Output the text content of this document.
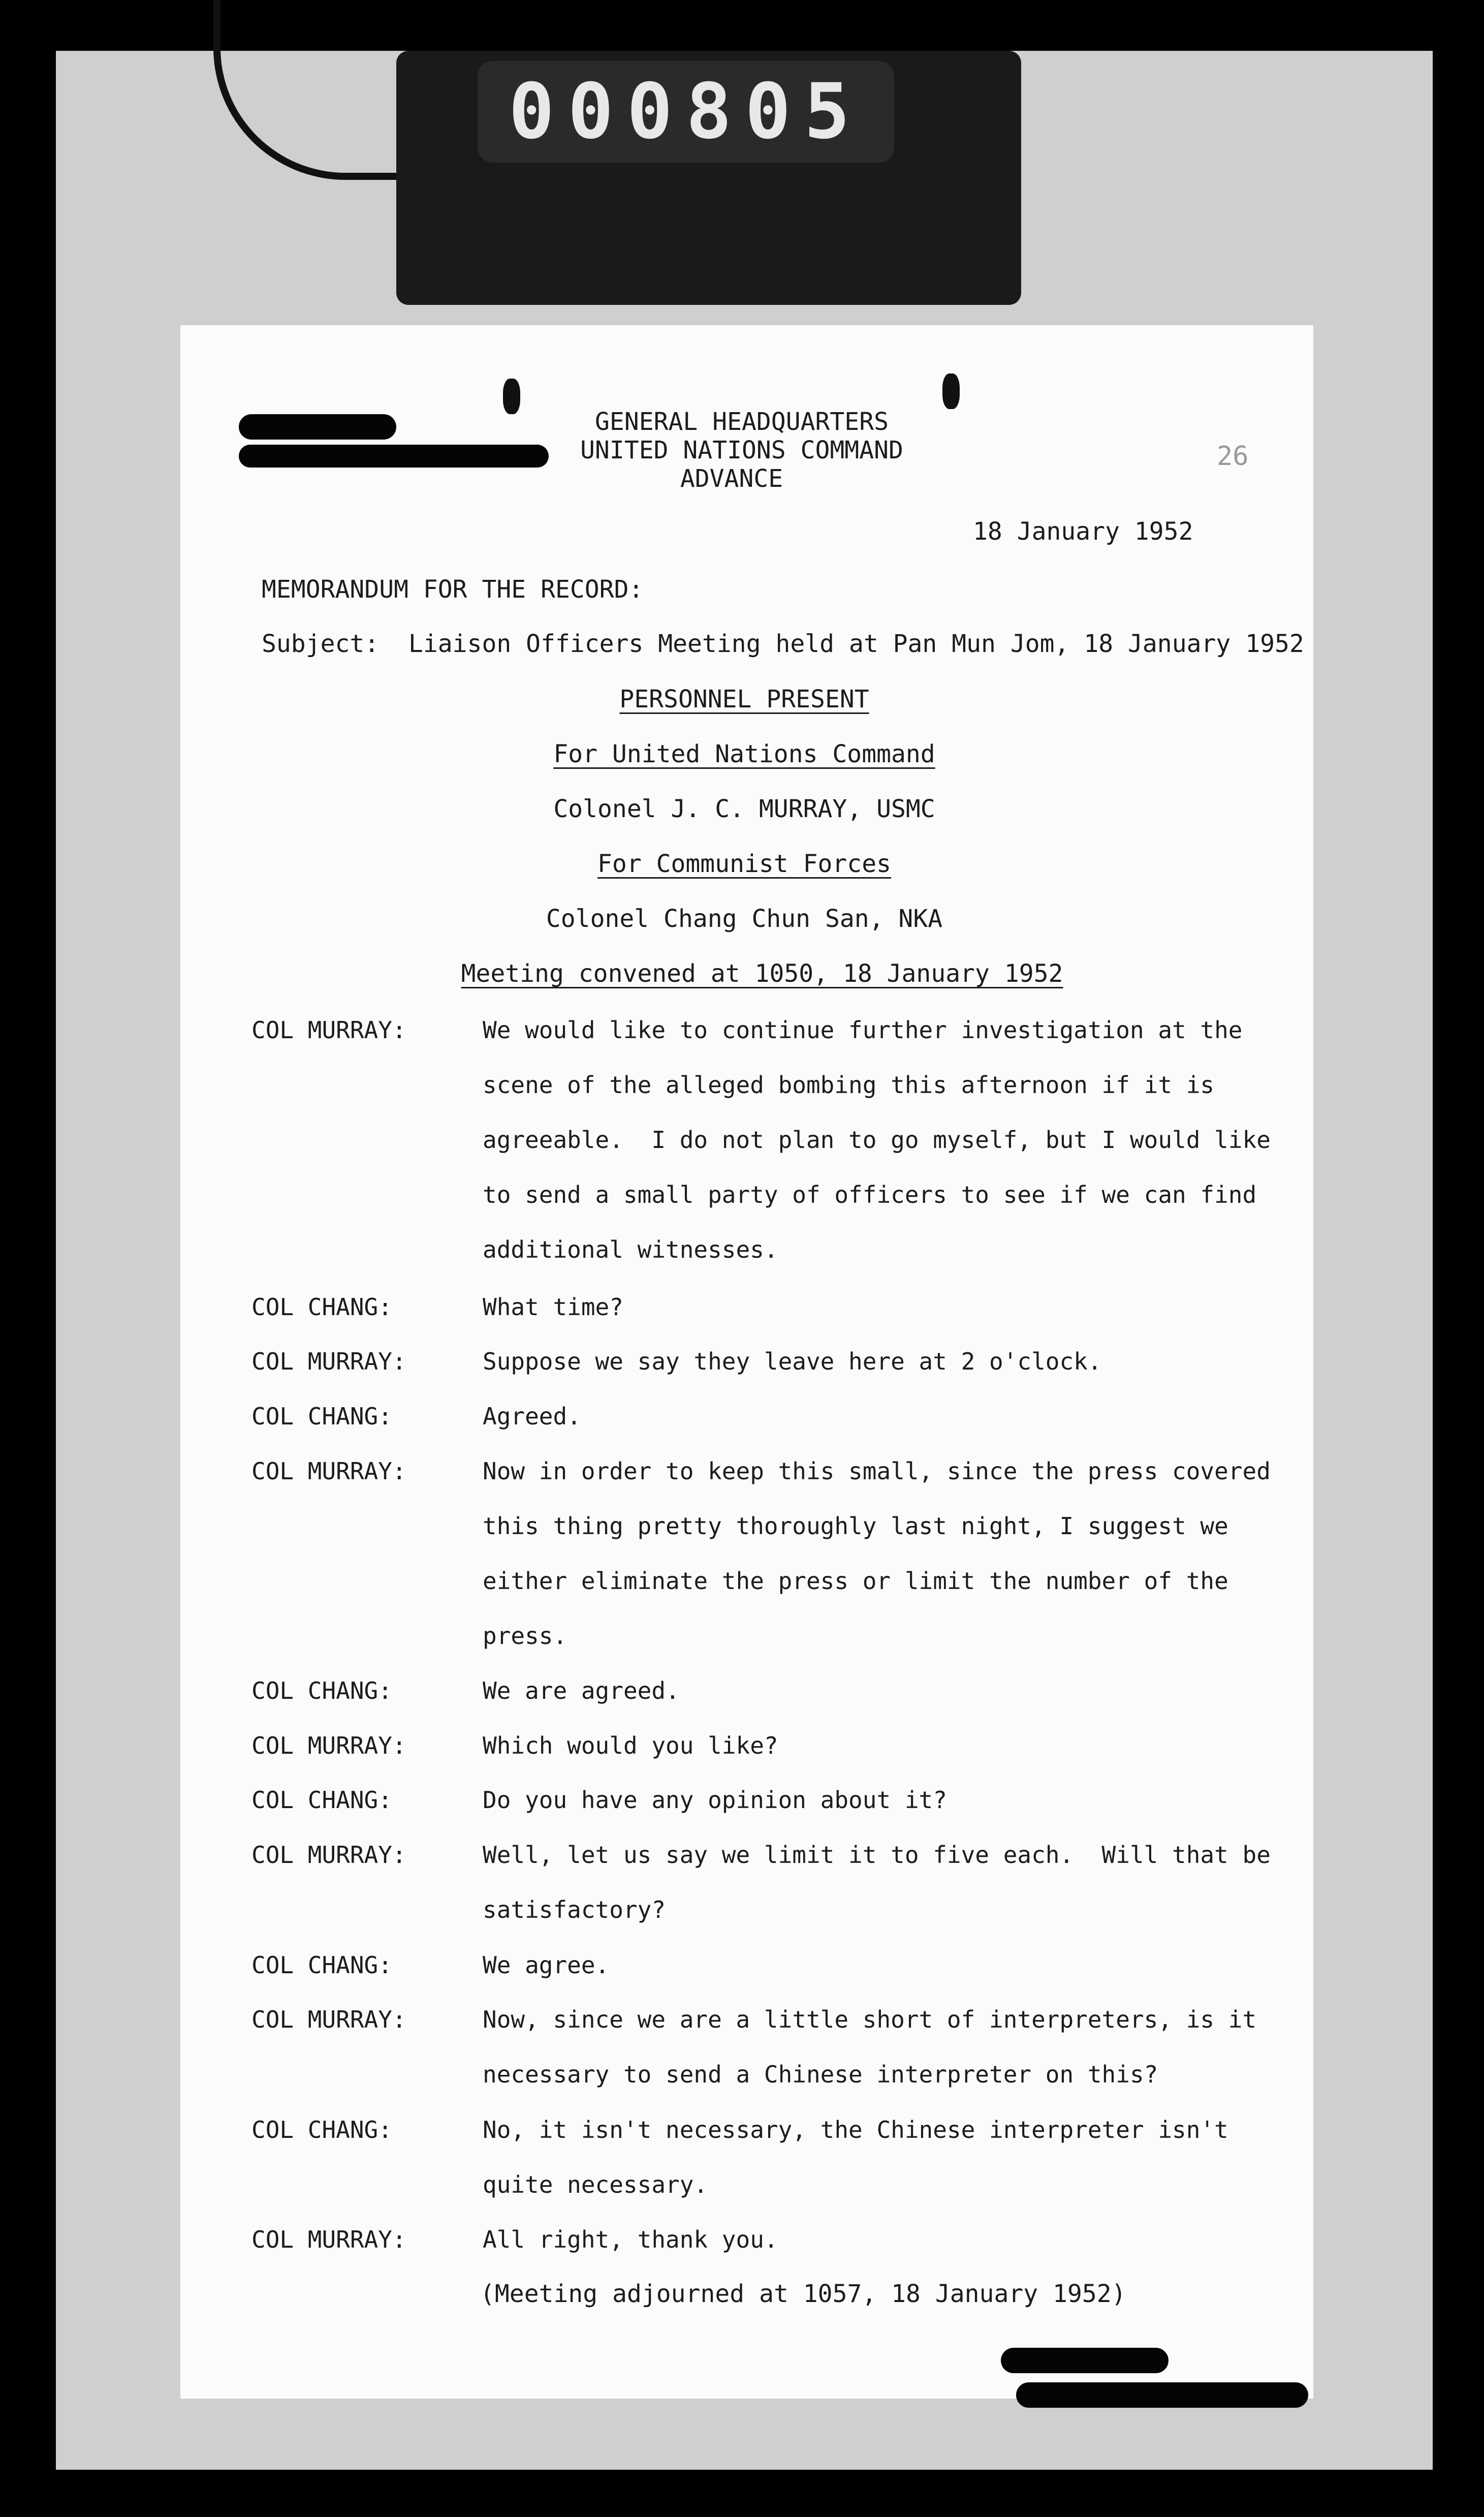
000805
GENERAL HEADQUARTERS
UNITED NATIONS COMMAND
ADVANCE
26
18 January 1952
MEMORANDUM FOR THE RECORD:
Subject:  Liaison Officers Meeting held at Pan Mun Jom, 18 January 1952
PERSONNEL PRESENT
For United Nations Command
Colonel J. C. MURRAY, USMC
For Communist Forces
Colonel Chang Chun San, NKA
Meeting convened at 1050, 18 January 1952
COL MURRAY:	We would like to continue further investigation at the
scene of the alleged bombing this afternoon if it is
agreeable.  I do not plan to go myself, but I would like
to send a small party of officers to see if we can find
additional witnesses.
COL CHANG:	What time?
COL MURRAY:	Suppose we say they leave here at 2 o'clock.
COL CHANG:	Agreed.
COL MURRAY:	Now in order to keep this small, since the press covered
this thing pretty thoroughly last night, I suggest we
either eliminate the press or limit the number of the
press.
COL CHANG:	We are agreed.
COL MURRAY:	Which would you like?
COL CHANG:	Do you have any opinion about it?
COL MURRAY:	Well, let us say we limit it to five each.  Will that be
satisfactory?
COL CHANG:	We agree.
COL MURRAY:	Now, since we are a little short of interpreters, is it
necessary to send a Chinese interpreter on this?
COL CHANG:	No, it isn't necessary, the Chinese interpreter isn't
quite necessary.
COL MURRAY:	All right, thank you.
(Meeting adjourned at 1057, 18 January 1952)
